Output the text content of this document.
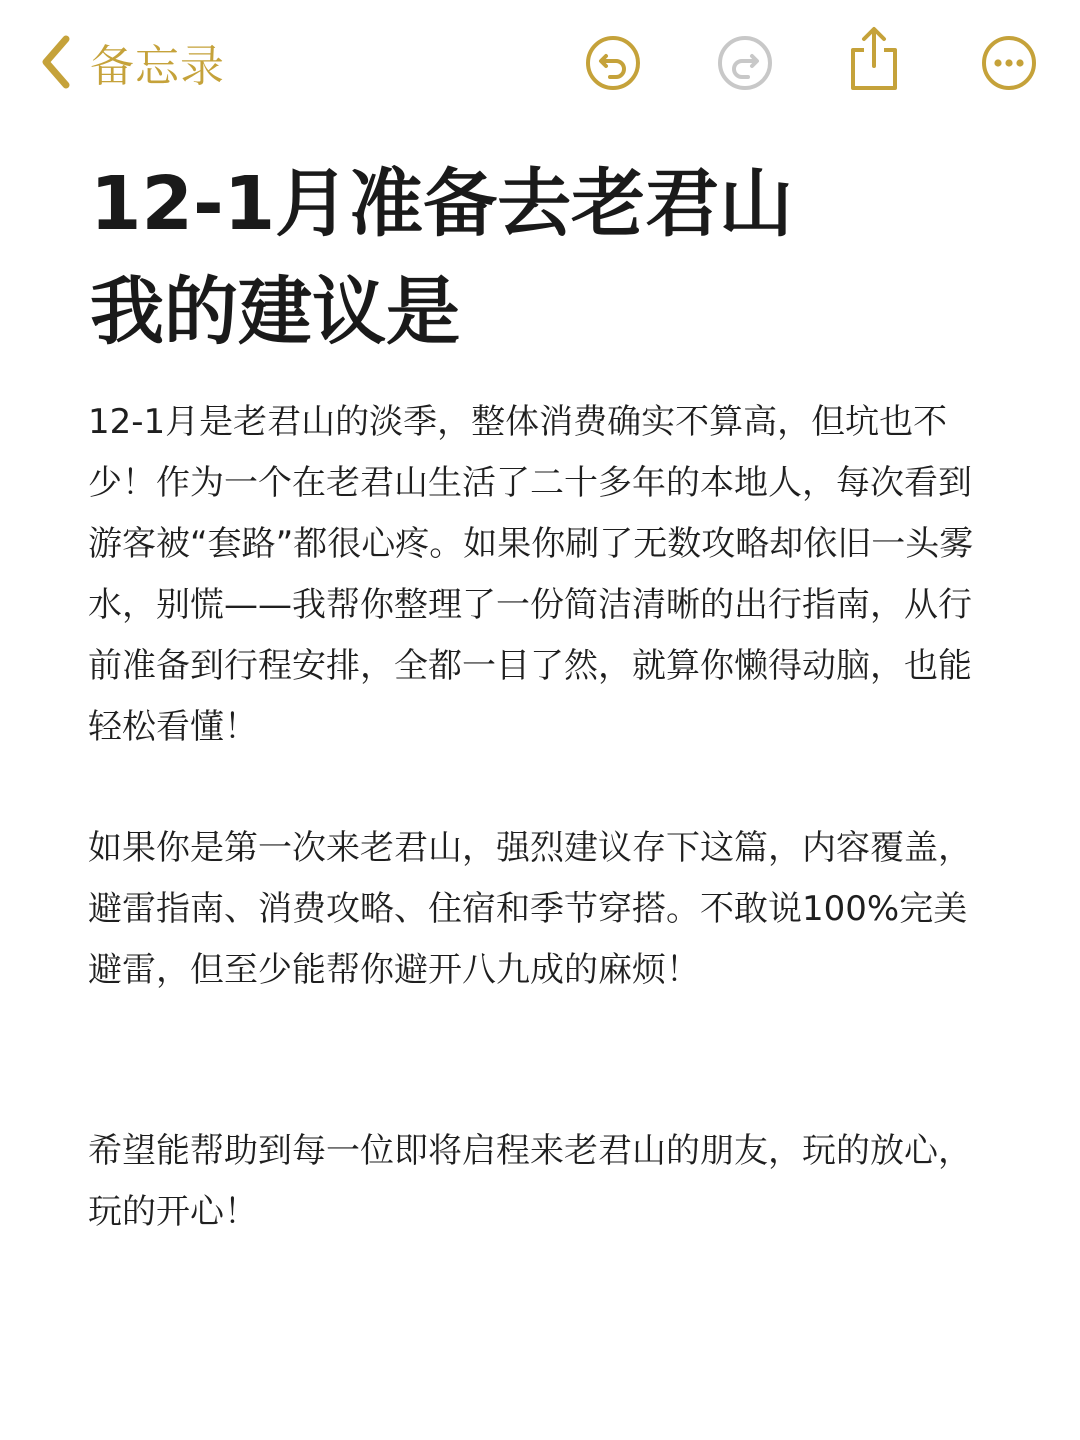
备忘录
12-1月准备去老君山
我的建议是

12-1月是老君山的淡季，整体消费确实不算高，但坑也不少！作为一个在老君山生活了二十多年的本地人，每次看到游客被“套路”都很心疼。如果你刷了无数攻略却依旧一头雾水，别慌——我帮你整理了一份简洁清晰的出行指南，从行前准备到行程安排，全都一目了然，就算你懒得动脑，也能轻松看懂！

如果你是第一次来老君山，强烈建议存下这篇，内容覆盖，避雷指南、消费攻略、住宿和季节穿搭。不敢说100%完美避雷，但至少能帮你避开八九成的麻烦！

希望能帮助到每一位即将启程来老君山的朋友，玩的放心，玩的开心！
